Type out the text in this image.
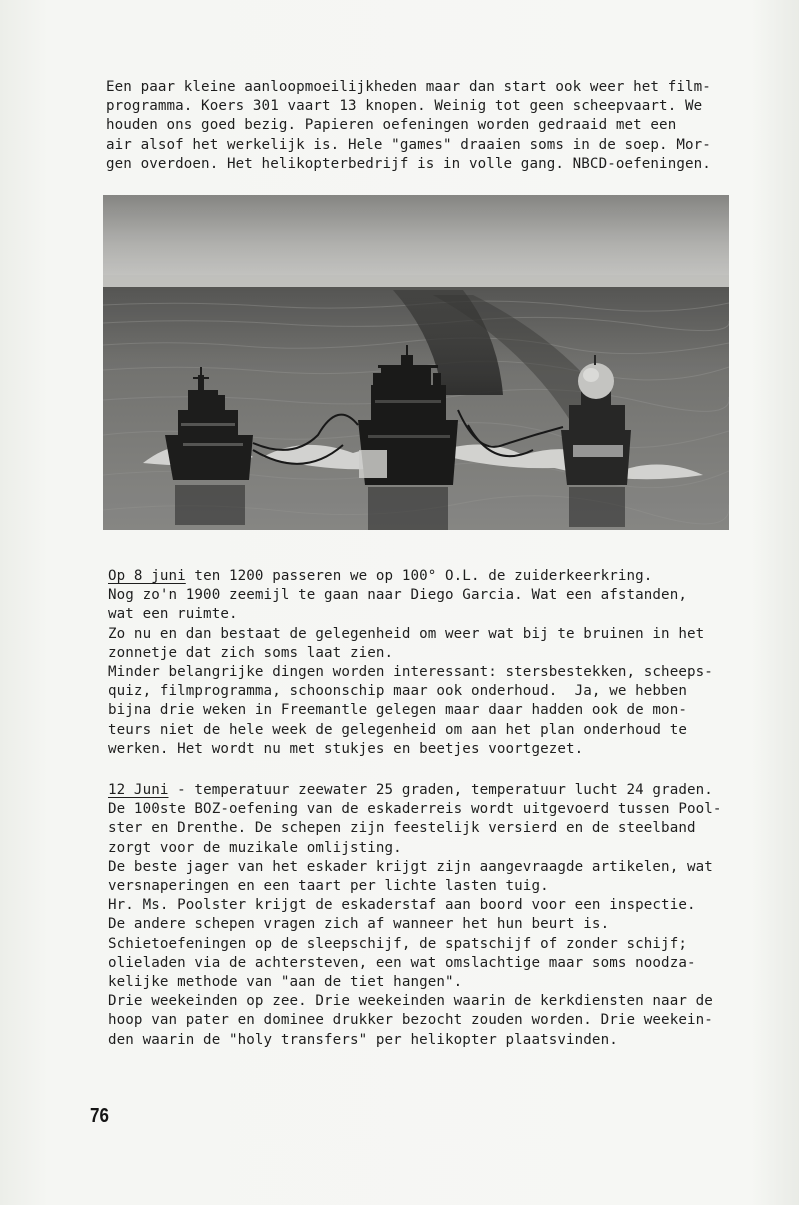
Een paar kleine aanloopmoeilijkheden maar dan start ook weer het film-
programma. Koers 301 vaart 13 knopen. Weinig tot geen scheepvaart. We
houden ons goed bezig. Papieren oefeningen worden gedraaid met een
air alsof het werkelijk is. Hele "games" draaien soms in de soep. Mor-
gen overdoen. Het helikopterbedrijf is in volle gang. NBCD-oefeningen.

Op 8 juni ten 1200 passeren we op 100° O.L. de zuiderkeerkring.
Nog zo'n 1900 zeemijl te gaan naar Diego Garcia. Wat een afstanden,
wat een ruimte.
Zo nu en dan bestaat de gelegenheid om weer wat bij te bruinen in het
zonnetje dat zich soms laat zien.
Minder belangrijke dingen worden interessant: stersbestekken, scheeps-
quiz, filmprogramma, schoonschip maar ook onderhoud.  Ja, we hebben
bijna drie weken in Freemantle gelegen maar daar hadden ook de mon-
teurs niet de hele week de gelegenheid om aan het plan onderhoud te
werken. Het wordt nu met stukjes en beetjes voortgezet.

12 Juni - temperatuur zeewater 25 graden, temperatuur lucht 24 graden.
De 100ste BOZ-oefening van de eskaderreis wordt uitgevoerd tussen Pool-
ster en Drenthe. De schepen zijn feestelijk versierd en de steelband
zorgt voor de muzikale omlijsting.
De beste jager van het eskader krijgt zijn aangevraagde artikelen, wat
versnaperingen en een taart per lichte lasten tuig.
Hr. Ms. Poolster krijgt de eskaderstaf aan boord voor een inspectie.
De andere schepen vragen zich af wanneer het hun beurt is.
Schietoefeningen op de sleepschijf, de spatschijf of zonder schijf;
olieladen via de achtersteven, een wat omslachtige maar soms noodza-
kelijke methode van "aan de tiet hangen".
Drie weekeinden op zee. Drie weekeinden waarin de kerkdiensten naar de
hoop van pater en dominee drukker bezocht zouden worden. Drie weekein-
den waarin de "holy transfers" per helikopter plaatsvinden.

76
